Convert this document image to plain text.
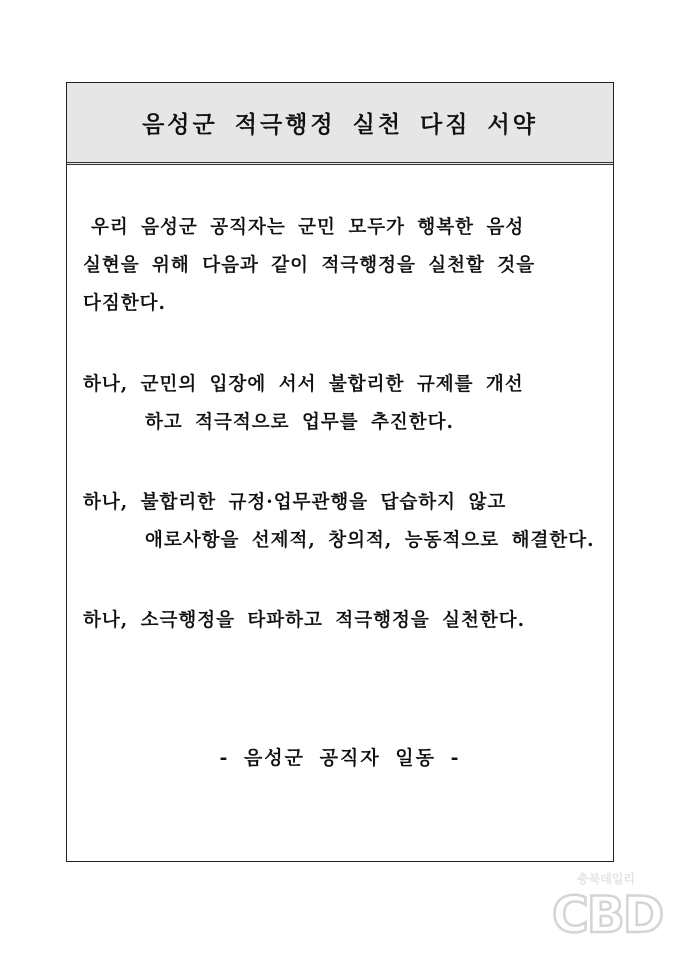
음성군 적극행정 실천 다짐 서약
우리 음성군 공직자는 군민 모두가 행복한 음성
실현을 위해 다음과 같이 적극행정을 실천할 것을
다짐한다.
하나, 군민의 입장에 서서 불합리한 규제를 개선
하고 적극적으로 업무를 추진한다.
하나, 불합리한 규정·업무관행을 답습하지 않고
애로사항을 선제적, 창의적, 능동적으로 해결한다.
하나, 소극행정을 타파하고 적극행정을 실천한다.
- 음성군 공직자 일동 -
충북데일리
CBD
